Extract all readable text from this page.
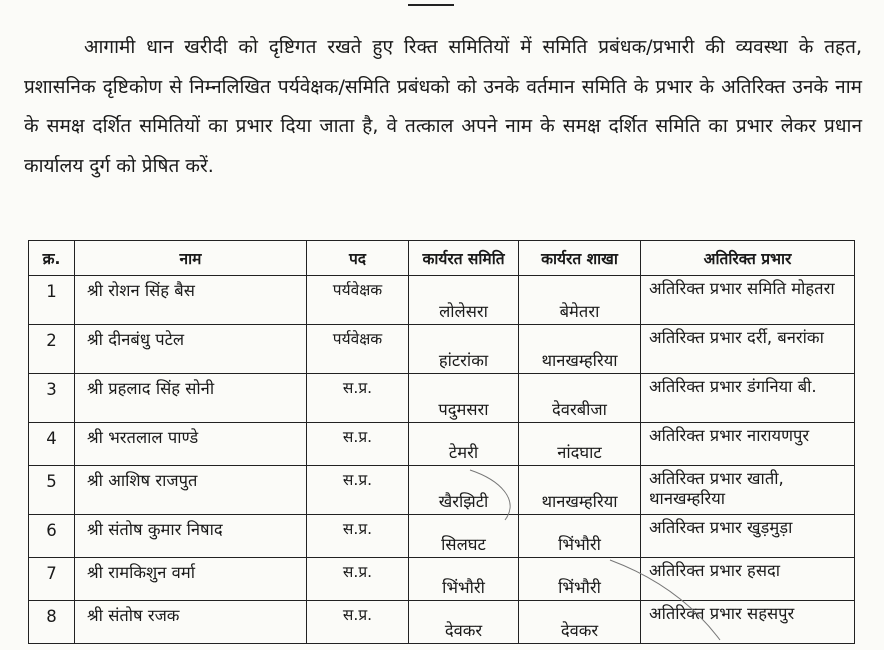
आगामी धान खरीदी को दृष्टिगत रखते हुए रिक्त समितियों में समिति प्रबंधक/प्रभारी की व्यवस्था के तहत, प्रशासनिक दृष्टिकोण से निम्नलिखित पर्यवेक्षक/समिति प्रबंधको को उनके वर्तमान समिति के प्रभार के अतिरिक्त उनके नाम के समक्ष दर्शित समितियों का प्रभार दिया जाता है, वे तत्काल अपने नाम के समक्ष दर्शित समिति का प्रभार लेकर प्रधान कार्यालय दुर्ग को प्रेषित करें.

क्र.	नाम	पद	कार्यरत समिति	कार्यरत शाखा	अतिरिक्त प्रभार
1	श्री रोशन सिंह बैस	पर्यवेक्षक	लोलेसरा	बेमेतरा	अतिरिक्त प्रभार समिति मोहतरा
2	श्री दीनबंधु पटेल	पर्यवेक्षक	हांटरांका	थानखम्हरिया	अतिरिक्त प्रभार दर्री, बनरांका
3	श्री प्रहलाद सिंह सोनी	स.प्र.	पदुमसरा	देवरबीजा	अतिरिक्त प्रभार डंगनिया बी.
4	श्री भरतलाल पाण्डे	स.प्र.	टेमरी	नांदघाट	अतिरिक्त प्रभार नारायणपुर
5	श्री आशिष राजपुत	स.प्र.	खैरझिटी	थानखम्हरिया	अतिरिक्त प्रभार खाती, थानखम्हरिया
6	श्री संतोष कुमार निषाद	स.प्र.	सिलघट	भिंभौरी	अतिरिक्त प्रभार खुड़मुड़ा
7	श्री रामकिशुन वर्मा	स.प्र.	भिंभौरी	भिंभौरी	अतिरिक्त प्रभार हसदा
8	श्री संतोष रजक	स.प्र.	देवकर	देवकर	अतिरिक्त प्रभार सहसपुर
